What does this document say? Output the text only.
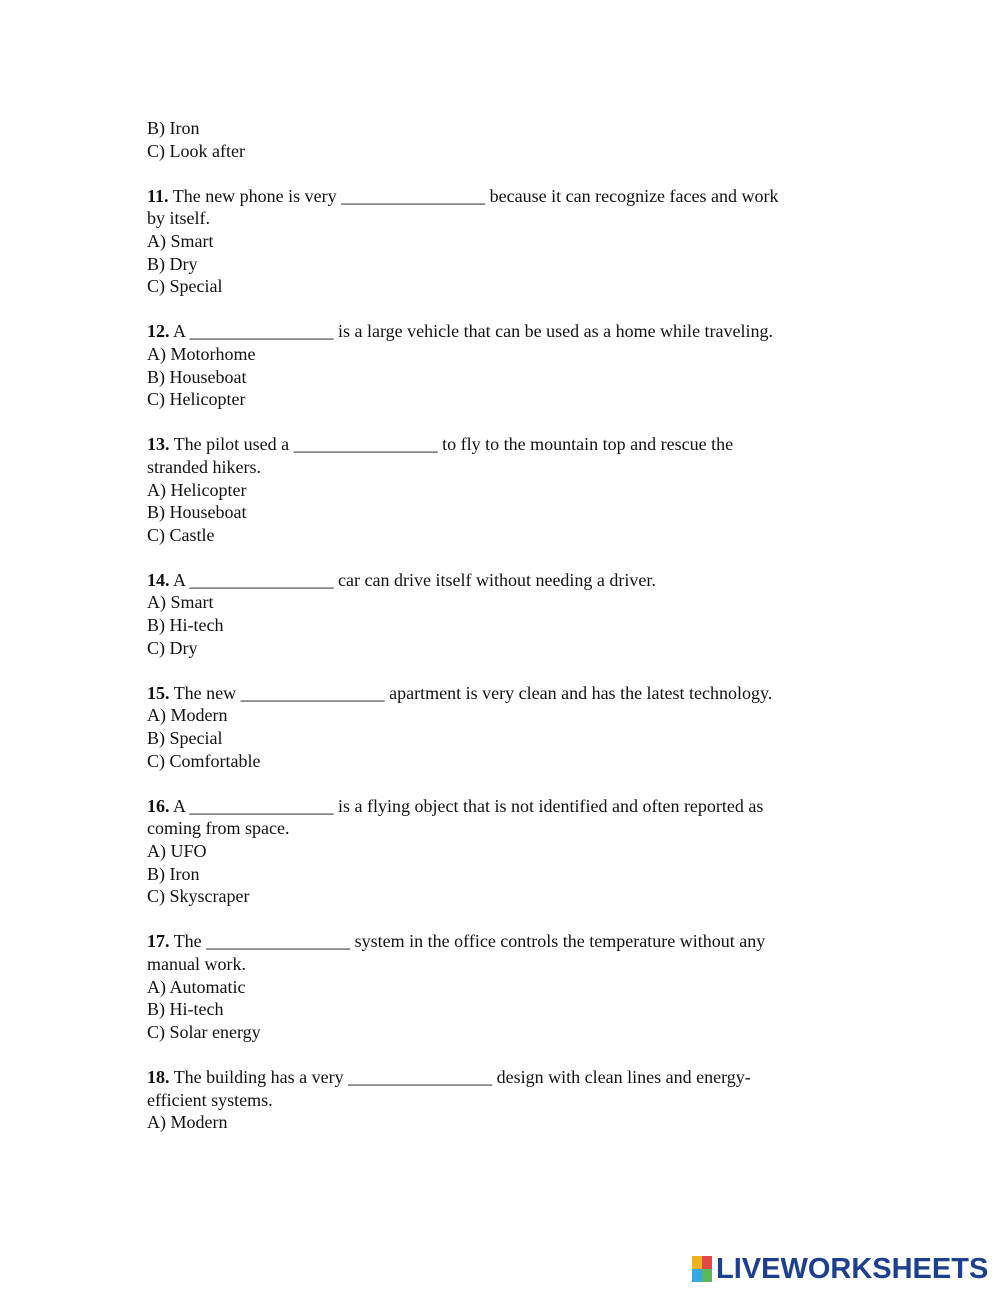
B) Iron
C) Look after
11. The new phone is very ________________ because it can recognize faces and work
by itself.
A) Smart
B) Dry
C) Special
12. A ________________ is a large vehicle that can be used as a home while traveling.
A) Motorhome
B) Houseboat
C) Helicopter
13. The pilot used a ________________ to fly to the mountain top and rescue the
stranded hikers.
A) Helicopter
B) Houseboat
C) Castle
14. A ________________ car can drive itself without needing a driver.
A) Smart
B) Hi-tech
C) Dry
15. The new ________________ apartment is very clean and has the latest technology.
A) Modern
B) Special
C) Comfortable
16. A ________________ is a flying object that is not identified and often reported as
coming from space.
A) UFO
B) Iron
C) Skyscraper
17. The ________________ system in the office controls the temperature without any
manual work.
A) Automatic
B) Hi-tech
C) Solar energy
18. The building has a very ________________ design with clean lines and energy-
efficient systems.
A) Modern
LIVEWORKSHEETS
